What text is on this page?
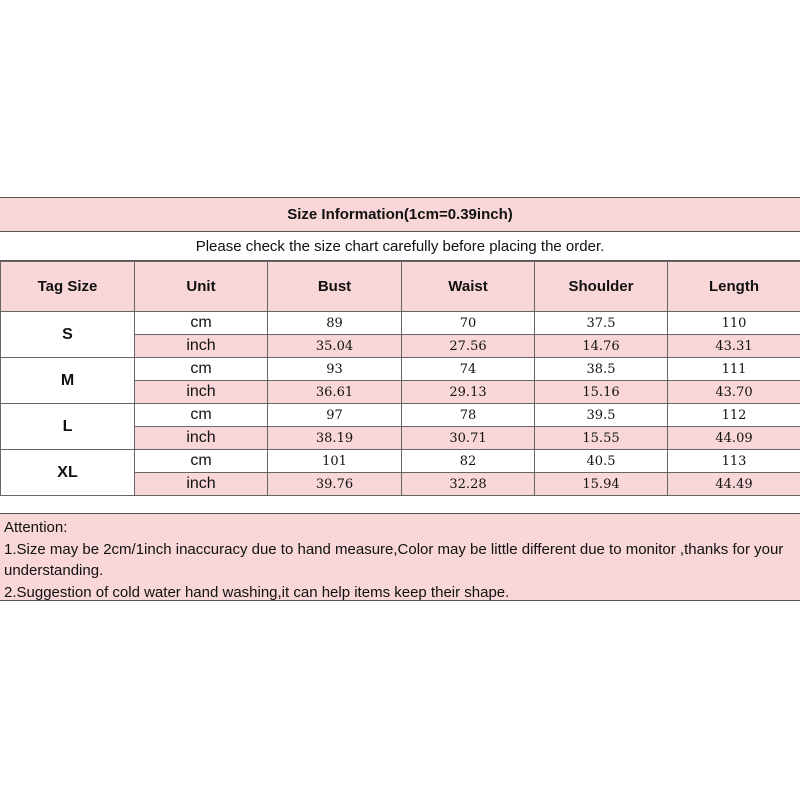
Size Information(1cm=0.39inch)
Please check the size chart carefully before placing the order.
Tag Size	Unit	Bust	Waist	Shoulder	Length
S	cm	89	70	37.5	110
	inch	35.04	27.56	14.76	43.31
M	cm	93	74	38.5	111
	inch	36.61	29.13	15.16	43.70
L	cm	97	78	39.5	112
	inch	38.19	30.71	15.55	44.09
XL	cm	101	82	40.5	113
	inch	39.76	32.28	15.94	44.49
Attention:
1.Size may be 2cm/1inch inaccuracy due to hand measure,Color may be little different due to monitor ,thanks for your understanding.
2.Suggestion of cold water hand washing,it can help items keep their shape.
